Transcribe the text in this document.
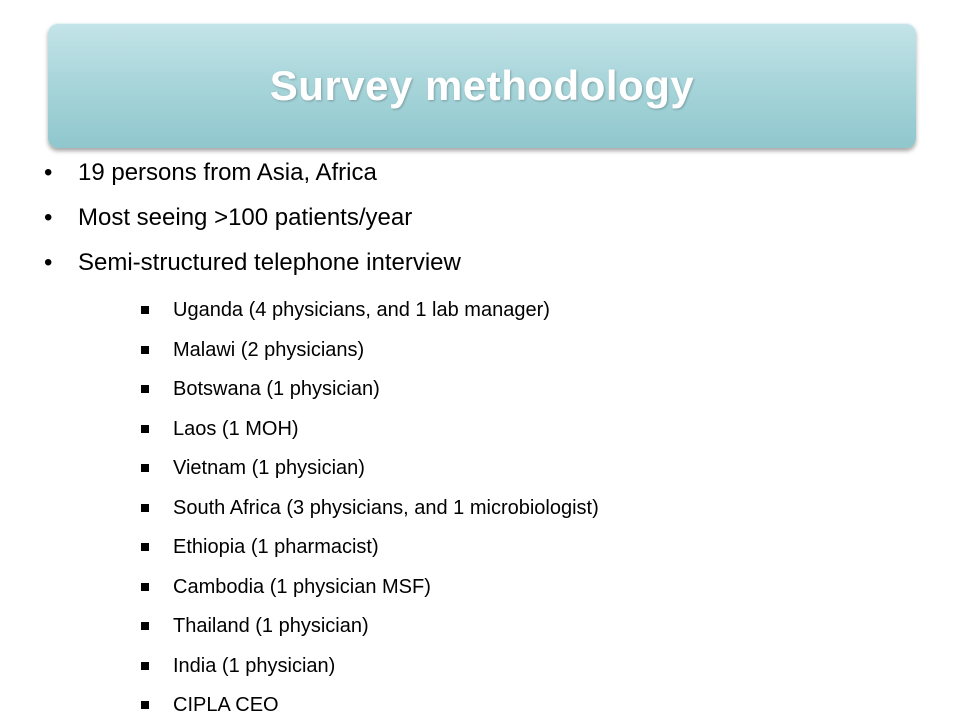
Survey methodology
• 19 persons from Asia, Africa
• Most seeing >100 patients/year
• Semi-structured telephone interview
Uganda (4 physicians, and 1 lab manager)
Malawi (2 physicians)
Botswana (1 physician)
Laos (1 MOH)
Vietnam (1 physician)
South Africa (3 physicians, and 1 microbiologist)
Ethiopia (1 pharmacist)
Cambodia (1 physician MSF)
Thailand (1 physician)
India (1 physician)
CIPLA CEO
